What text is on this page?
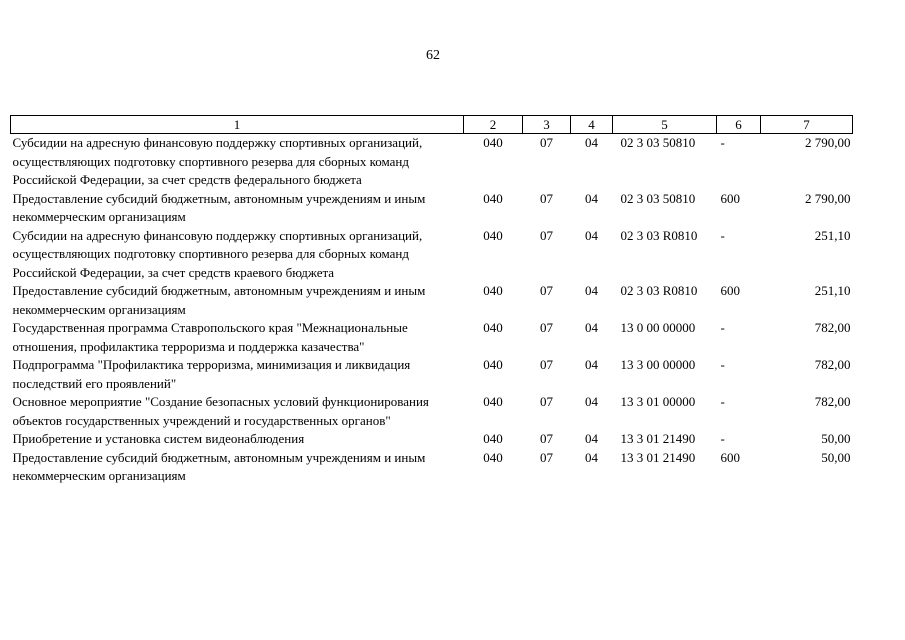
62
1	2	3	4	5	6	7
Субсидии на адресную финансовую поддержку спортивных организаций, осуществляющих подготовку спортивного резерва для сборных команд Российской Федерации, за счет средств федерального бюджета	040	07	04	02 3 03 50810	-	2 790,00
Предоставление субсидий бюджетным, автономным учреждениям и иным некоммерческим организациям	040	07	04	02 3 03 50810	600	2 790,00
Субсидии на адресную финансовую поддержку спортивных организаций, осуществляющих подготовку спортивного резерва для сборных команд Российской Федерации, за счет средств краевого бюджета	040	07	04	02 3 03 R0810	-	251,10
Предоставление субсидий бюджетным, автономным учреждениям и иным некоммерческим организациям	040	07	04	02 3 03 R0810	600	251,10
Государственная программа Ставропольского края "Межнациональные отношения, профилактика терроризма и поддержка казачества"	040	07	04	13 0 00 00000	-	782,00
Подпрограмма "Профилактика терроризма, минимизация и ликвидация последствий его проявлений"	040	07	04	13 3 00 00000	-	782,00
Основное мероприятие "Создание безопасных условий функционирования объектов государственных учреждений и государственных органов"	040	07	04	13 3 01 00000	-	782,00
Приобретение и установка систем видеонаблюдения	040	07	04	13 3 01 21490	-	50,00
Предоставление субсидий бюджетным, автономным учреждениям и иным некоммерческим организациям	040	07	04	13 3 01 21490	600	50,00
